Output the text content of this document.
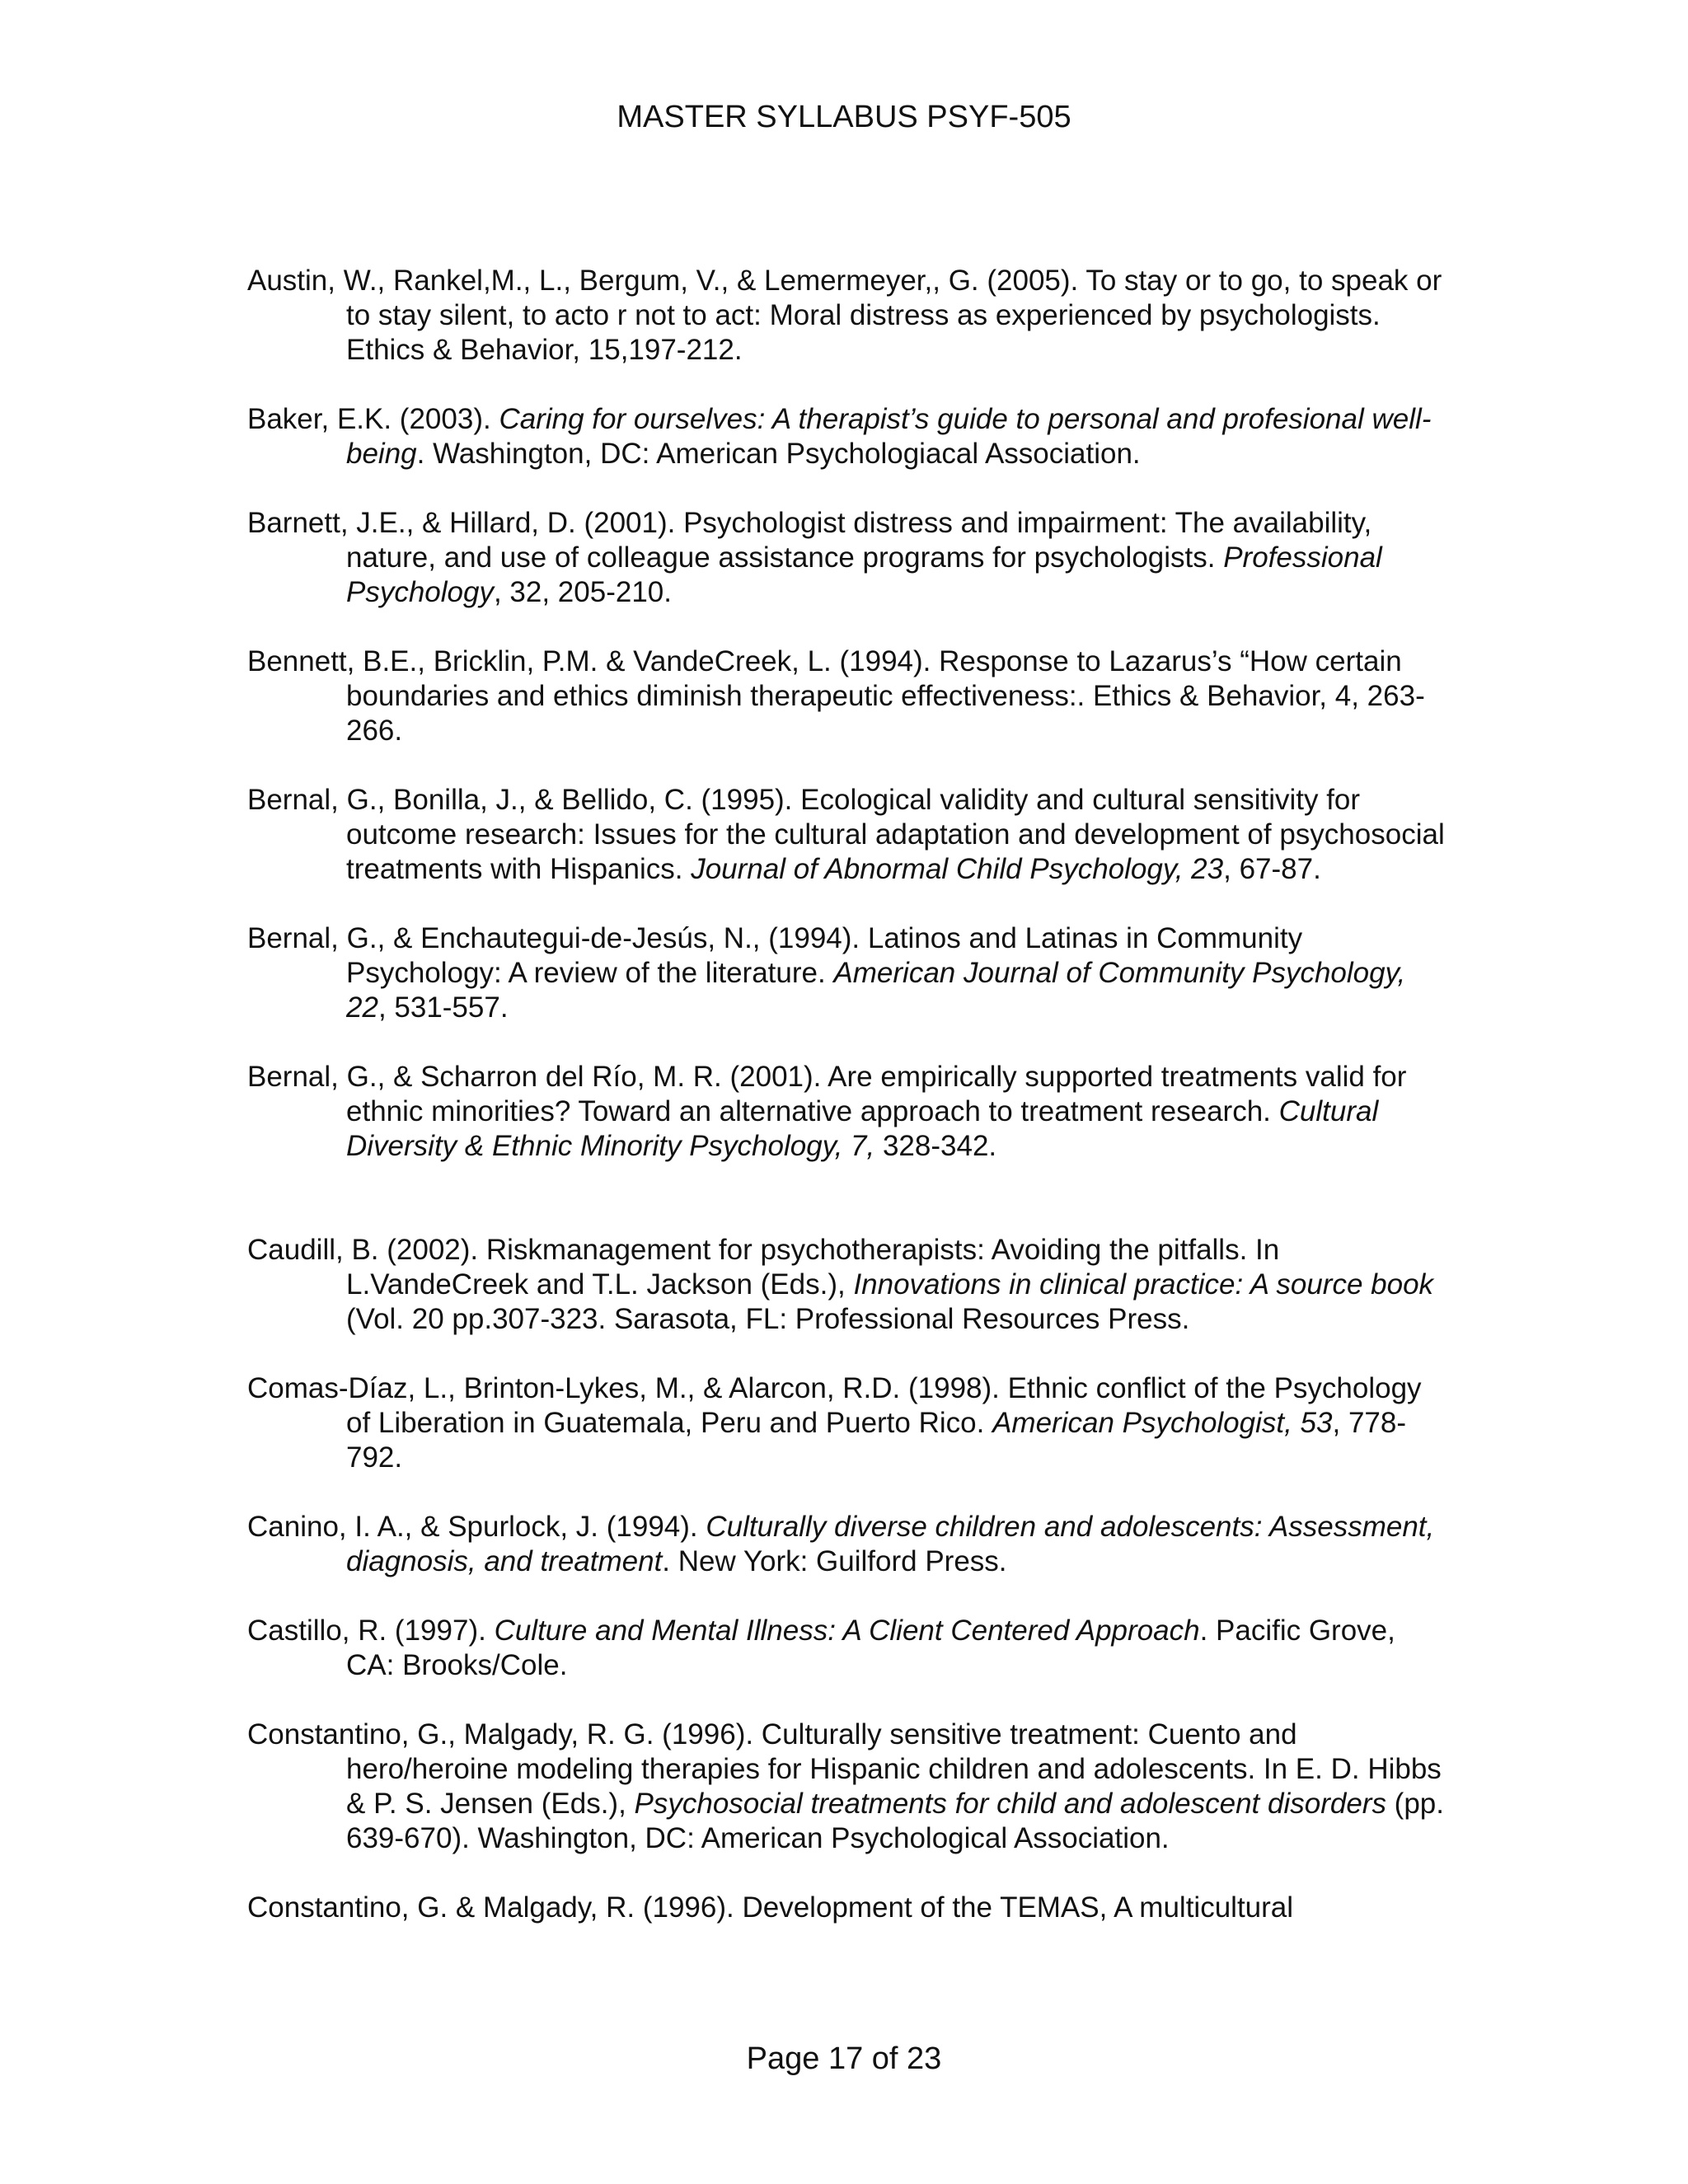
MASTER SYLLABUS PSYF-505

Austin, W., Rankel,M., L., Bergum, V., & Lemermeyer,, G. (2005). To stay or to go, to speak or to stay silent, to acto r not to act: Moral distress as experienced by psychologists. Ethics & Behavior, 15,197-212.

Baker, E.K. (2003). Caring for ourselves: A therapist’s guide to personal and profesional well-being. Washington, DC: American Psychologiacal Association.

Barnett, J.E., & Hillard, D. (2001). Psychologist distress and impairment: The availability, nature, and use of colleague assistance programs for psychologists. Professional Psychology, 32, 205-210.

Bennett, B.E., Bricklin, P.M. & VandeCreek, L. (1994). Response to Lazarus’s “How certain boundaries and ethics diminish therapeutic effectiveness:. Ethics & Behavior, 4, 263-266.

Bernal, G., Bonilla, J., & Bellido, C. (1995). Ecological validity and cultural sensitivity for outcome research: Issues for the cultural adaptation and development of psychosocial treatments with Hispanics. Journal of Abnormal Child Psychology, 23, 67-87.

Bernal, G., & Enchautegui-de-Jesús, N., (1994). Latinos and Latinas in Community Psychology: A review of the literature. American Journal of Community Psychology, 22, 531-557.

Bernal, G., & Scharron del Río, M. R. (2001). Are empirically supported treatments valid for ethnic minorities? Toward an alternative approach to treatment research. Cultural Diversity & Ethnic Minority Psychology, 7, 328-342.

Caudill, B. (2002). Riskmanagement for psychotherapists: Avoiding the pitfalls. In L.VandeCreek and T.L. Jackson (Eds.), Innovations in clinical practice: A source book (Vol. 20 pp.307-323. Sarasota, FL: Professional Resources Press.

Comas-Díaz, L., Brinton-Lykes, M., & Alarcon, R.D. (1998). Ethnic conflict of the Psychology of Liberation in Guatemala, Peru and Puerto Rico. American Psychologist, 53, 778-792.

Canino, I. A., & Spurlock, J. (1994). Culturally diverse children and adolescents: Assessment, diagnosis, and treatment. New York: Guilford Press.

Castillo, R. (1997). Culture and Mental Illness: A Client Centered Approach. Pacific Grove, CA: Brooks/Cole.

Constantino, G., Malgady, R. G. (1996). Culturally sensitive treatment: Cuento and hero/heroine modeling therapies for Hispanic children and adolescents. In E. D. Hibbs & P. S. Jensen (Eds.), Psychosocial treatments for child and adolescent disorders (pp. 639-670). Washington, DC: American Psychological Association.

Constantino, G. & Malgady, R. (1996). Development of the TEMAS, A multicultural

Page 17 of 23
